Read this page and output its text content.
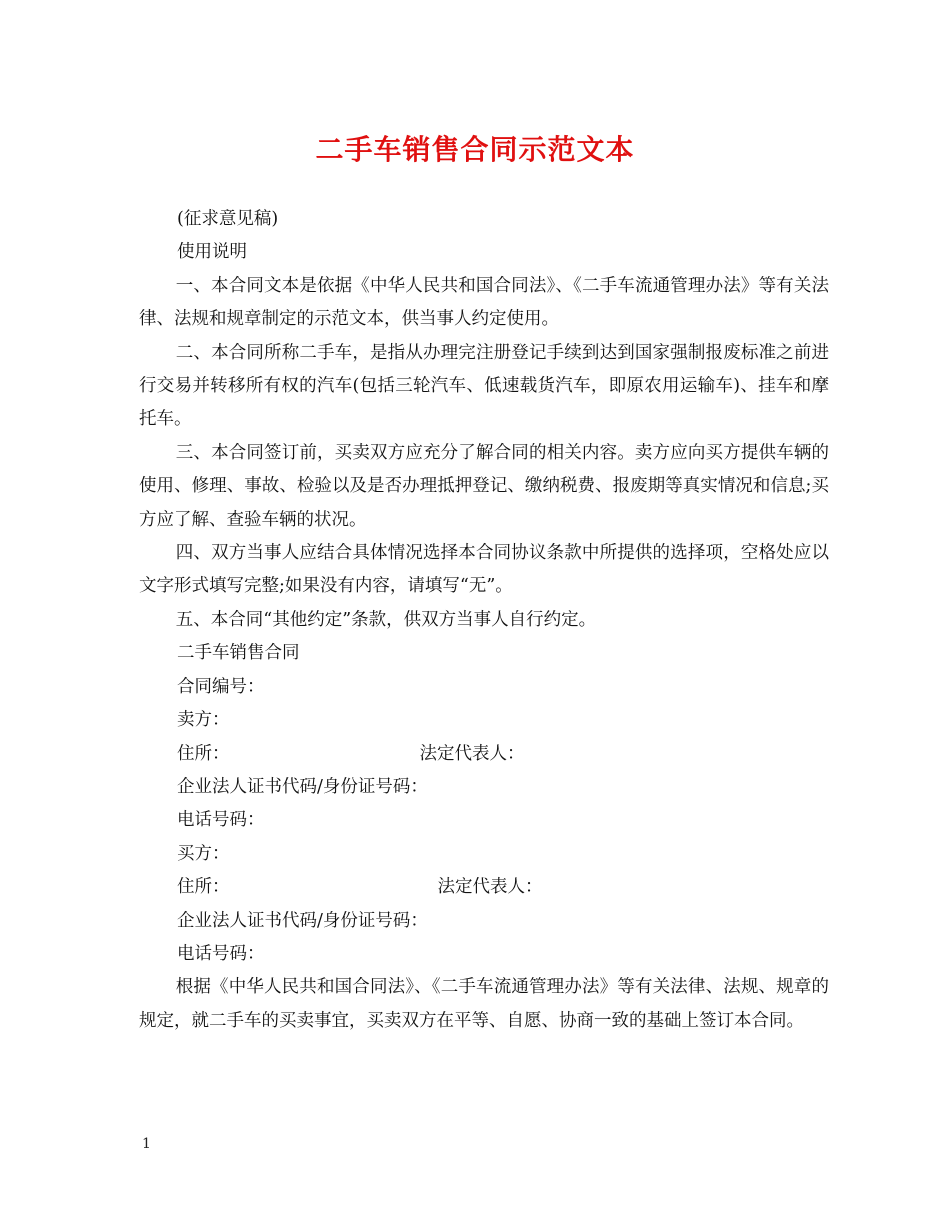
二手车销售合同示范文本

(征求意见稿)

使用说明

一、本合同文本是依据《中华人民共和国合同法》、《二手车流通管理办法》等有关法律、法规和规章制定的示范文本，供当事人约定使用。

二、本合同所称二手车，是指从办理完注册登记手续到达到国家强制报废标准之前进行交易并转移所有权的汽车(包括三轮汽车、低速载货汽车，即原农用运输车)、挂车和摩托车。

三、本合同签订前，买卖双方应充分了解合同的相关内容。卖方应向买方提供车辆的使用、修理、事故、检验以及是否办理抵押登记、缴纳税费、报废期等真实情况和信息;买方应了解、查验车辆的状况。

四、双方当事人应结合具体情况选择本合同协议条款中所提供的选择项，空格处应以文字形式填写完整;如果没有内容，请填写“无”。

五、本合同“其他约定”条款，供双方当事人自行约定。

二手车销售合同

合同编号：

卖方：

住所：	法定代表人：

企业法人证书代码/身份证号码：

电话号码：

买方：

住所：	法定代表人：

企业法人证书代码/身份证号码：

电话号码：

根据《中华人民共和国合同法》、《二手车流通管理办法》等有关法律、法规、规章的规定，就二手车的买卖事宜，买卖双方在平等、自愿、协商一致的基础上签订本合同。

1
